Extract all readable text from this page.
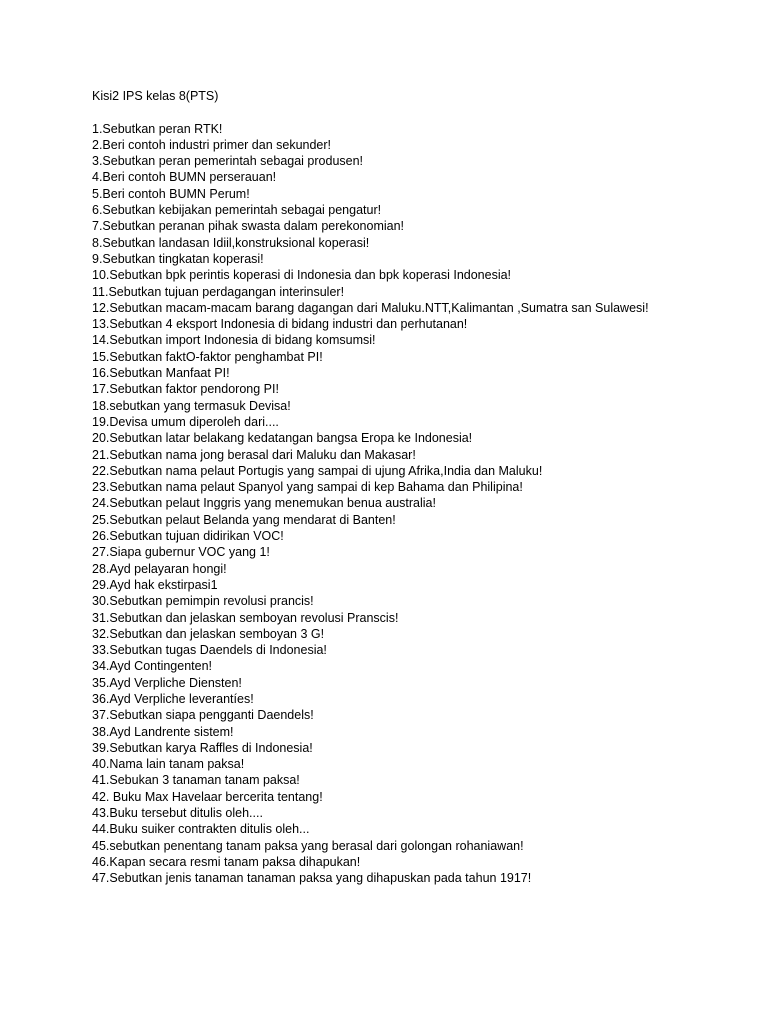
Kisi2 IPS kelas 8(PTS)
1.Sebutkan peran RTK!
2.Beri contoh industri primer dan sekunder!
3.Sebutkan peran pemerintah sebagai produsen!
4.Beri contoh BUMN perserauan!
5.Beri contoh BUMN Perum!
6.Sebutkan kebijakan pemerintah sebagai pengatur!
7.Sebutkan peranan pihak swasta dalam perekonomian!
8.Sebutkan landasan Idiil,konstruksional koperasi!
9.Sebutkan tingkatan koperasi!
10.Sebutkan bpk perintis koperasi di Indonesia dan bpk koperasi Indonesia!
11.Sebutkan tujuan perdagangan interinsuler!
12.Sebutkan macam-macam barang dagangan dari Maluku.NTT,Kalimantan ,Sumatra san Sulawesi!
13.Sebutkan 4 eksport Indonesia di bidang industri dan perhutanan!
14.Sebutkan import Indonesia di bidang komsumsi!
15.Sebutkan faktO-faktor penghambat PI!
16.Sebutkan Manfaat PI!
17.Sebutkan faktor pendorong PI!
18.sebutkan yang termasuk Devisa!
19.Devisa umum diperoleh dari....
20.Sebutkan latar belakang kedatangan bangsa Eropa ke Indonesia!
21.Sebutkan nama jong berasal dari Maluku dan Makasar!
22.Sebutkan nama pelaut Portugis yang sampai di ujung Afrika,India dan Maluku!
23.Sebutkan nama pelaut Spanyol yang sampai di kep Bahama dan Philipina!
24.Sebutkan pelaut Inggris yang menemukan benua australia!
25.Sebutkan pelaut Belanda yang mendarat di Banten!
26.Sebutkan tujuan didirikan VOC!
27.Siapa gubernur VOC yang 1!
28.Ayd pelayaran hongi!
29.Ayd hak ekstirpasi1
30.Sebutkan pemimpin revolusi prancis!
31.Sebutkan dan jelaskan semboyan revolusi Pranscis!
32.Sebutkan dan jelaskan semboyan 3 G!
33.Sebutkan tugas Daendels di Indonesia!
34.Ayd Contingenten!
35.Ayd Verpliche Diensten!
36.Ayd Verpliche leverantíes!
37.Sebutkan siapa pengganti Daendels!
38.Ayd Landrente sistem!
39.Sebutkan karya Raffles di Indonesia!
40.Nama lain tanam paksa!
41.Sebukan 3 tanaman tanam paksa!
42. Buku Max Havelaar bercerita tentang!
43.Buku tersebut ditulis oleh....
44.Buku suiker contrakten ditulis oleh...
45.sebutkan penentang tanam paksa yang berasal dari golongan rohaniawan!
46.Kapan secara resmi tanam paksa dihapukan!
47.Sebutkan jenis tanaman tanaman paksa yang dihapuskan pada tahun 1917!
